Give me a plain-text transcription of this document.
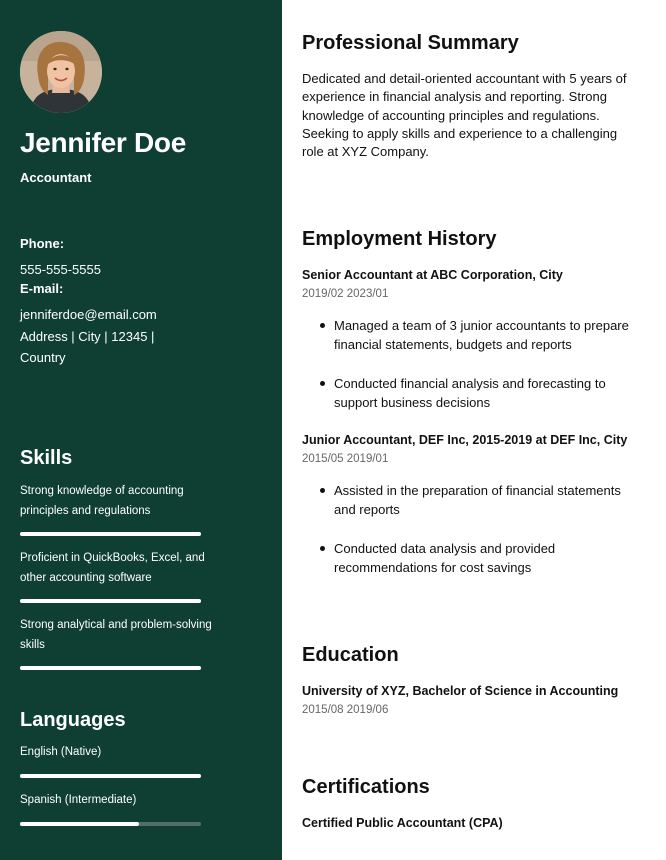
Jennifer Doe
Accountant
Phone:
555-555-5555
E-mail:
jenniferdoe@email.com
Address | City | 12345 | Country
Skills
Strong knowledge of accounting principles and regulations
Proficient in QuickBooks, Excel, and other accounting software
Strong analytical and problem-solving skills
Languages
English (Native)
Spanish (Intermediate)
Professional Summary
Dedicated and detail-oriented accountant with 5 years of experience in financial analysis and reporting. Strong knowledge of accounting principles and regulations. Seeking to apply skills and experience to a challenging role at XYZ Company.
Employment History
Senior Accountant at ABC Corporation, City
2019/02 2023/01
Managed a team of 3 junior accountants to prepare financial statements, budgets and reports
Conducted financial analysis and forecasting to support business decisions
Junior Accountant, DEF Inc, 2015-2019 at DEF Inc, City
2015/05 2019/01
Assisted in the preparation of financial statements and reports
Conducted data analysis and provided recommendations for cost savings
Education
University of XYZ, Bachelor of Science in Accounting
2015/08 2019/06
Certifications
Certified Public Accountant (CPA)
